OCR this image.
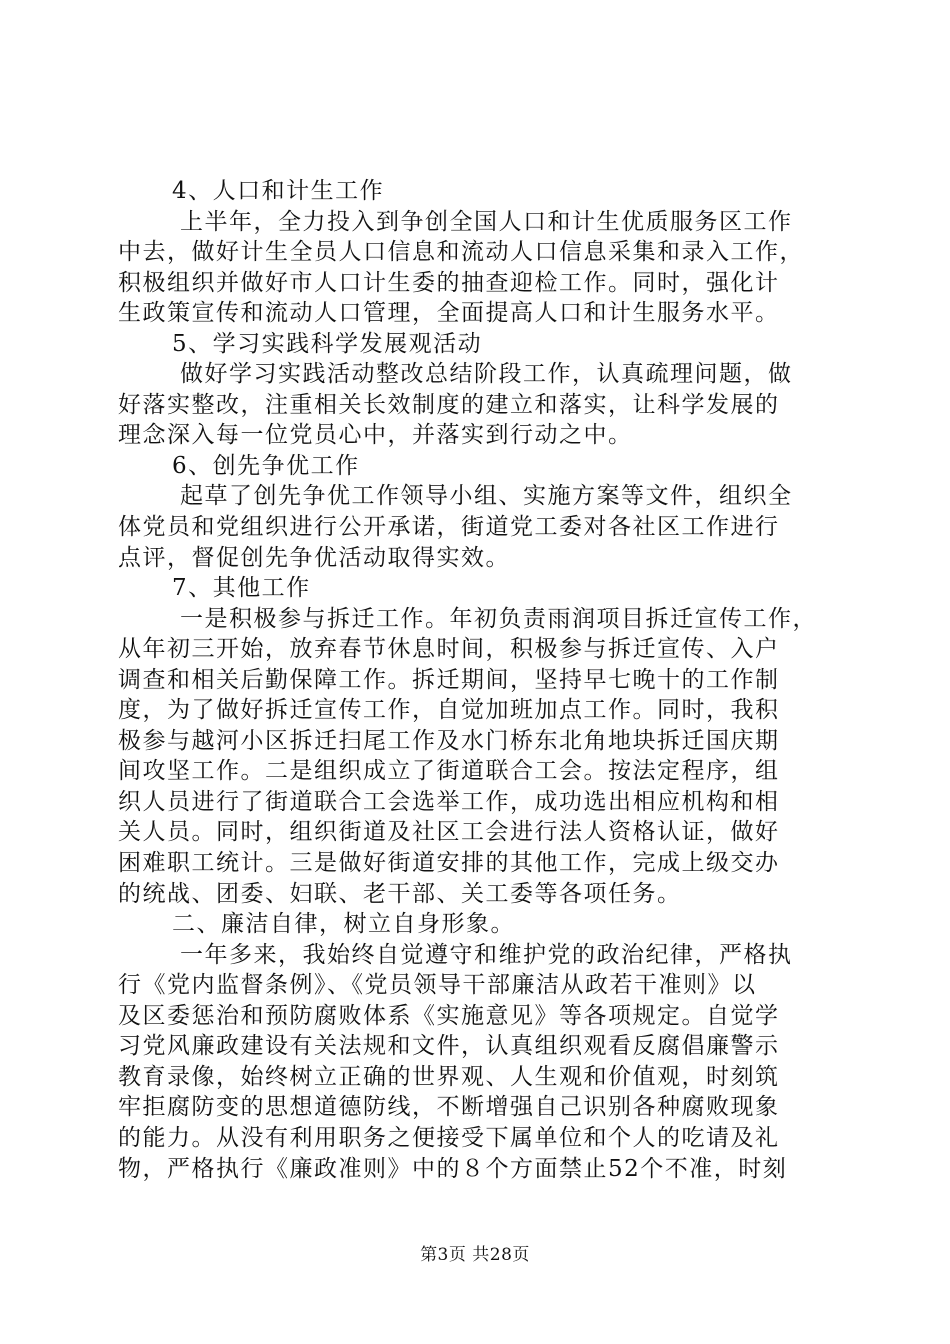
4、人口和计生工作
上半年，全力投入到争创全国人口和计生优质服务区工作
中去，做好计生全员人口信息和流动人口信息采集和录入工作，
积极组织并做好市人口计生委的抽查迎检工作。同时，强化计
生政策宣传和流动人口管理，全面提高人口和计生服务水平。
5、学习实践科学发展观活动
做好学习实践活动整改总结阶段工作，认真疏理问题，做
好落实整改，注重相关长效制度的建立和落实，让科学发展的
理念深入每一位党员心中，并落实到行动之中。
6、创先争优工作
起草了创先争优工作领导小组、实施方案等文件，组织全
体党员和党组织进行公开承诺，街道党工委对各社区工作进行
点评，督促创先争优活动取得实效。
7、其他工作
一是积极参与拆迁工作。年初负责雨润项目拆迁宣传工作，
从年初三开始，放弃春节休息时间，积极参与拆迁宣传、入户
调查和相关后勤保障工作。拆迁期间，坚持早七晚十的工作制
度，为了做好拆迁宣传工作，自觉加班加点工作。同时，我积
极参与越河小区拆迁扫尾工作及水门桥东北角地块拆迁国庆期
间攻坚工作。二是组织成立了街道联合工会。按法定程序，组
织人员进行了街道联合工会选举工作，成功选出相应机构和相
关人员。同时，组织街道及社区工会进行法人资格认证，做好
困难职工统计。三是做好街道安排的其他工作，完成上级交办
的统战、团委、妇联、老干部、关工委等各项任务。
二、廉洁自律，树立自身形象。
一年多来，我始终自觉遵守和维护党的政治纪律，严格执
行《党内监督条例》、《党员领导干部廉洁从政若干准则》以
及区委惩治和预防腐败体系《实施意见》等各项规定。自觉学
习党风廉政建设有关法规和文件，认真组织观看反腐倡廉警示
教育录像，始终树立正确的世界观、人生观和价值观，时刻筑
牢拒腐防变的思想道德防线，不断增强自己识别各种腐败现象
的能力。从没有利用职务之便接受下属单位和个人的吃请及礼
物，严格执行《廉政准则》中的８个方面禁止52个不准，时刻
第3页 共28页
